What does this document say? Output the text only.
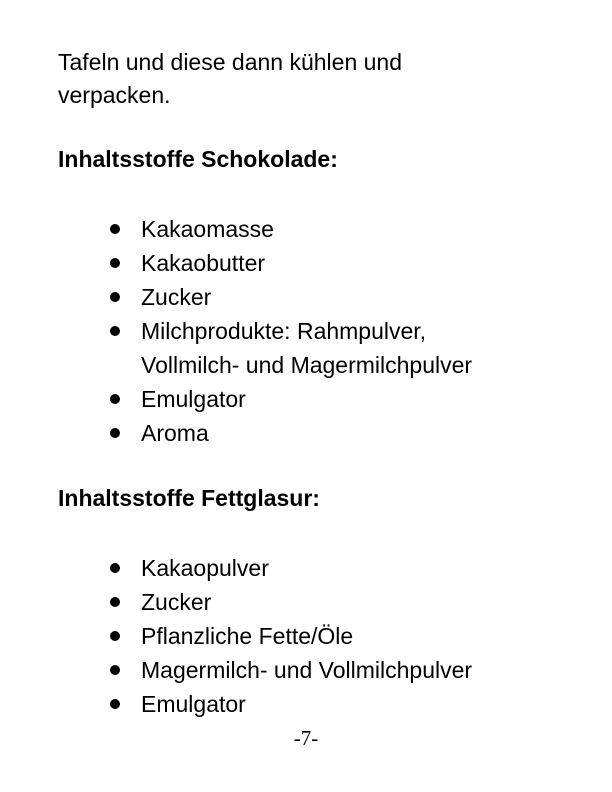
Tafeln und diese dann kühlen und
verpacken.

Inhaltsstoffe Schokolade:
Kakaomasse
Kakaobutter
Zucker
Milchprodukte: Rahmpulver,
Vollmilch- und Magermilchpulver
Emulgator
Aroma
Inhaltsstoffe Fettglasur:
Kakaopulver
Zucker
Pflanzliche Fette/Öle
Magermilch- und Vollmilchpulver
Emulgator
-7-
